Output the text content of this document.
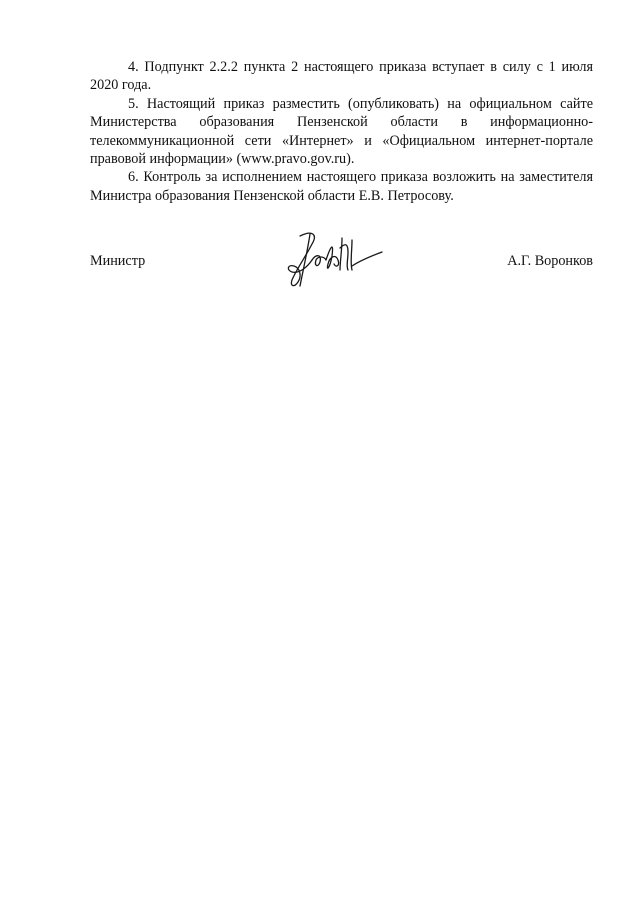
4. Подпункт 2.2.2 пункта 2 настоящего приказа вступает в силу с 1 июля 2020 года.

5. Настоящий приказ разместить (опубликовать) на официальном сайте Министерства образования Пензенской области в информационно-телекоммуникационной сети «Интернет» и «Официальном интернет-портале правовой информации» (www.pravo.gov.ru).

6. Контроль за исполнением настоящего приказа возложить на заместителя Министра образования Пензенской области Е.В. Петросову.

Министр	А.Г. Воронков
